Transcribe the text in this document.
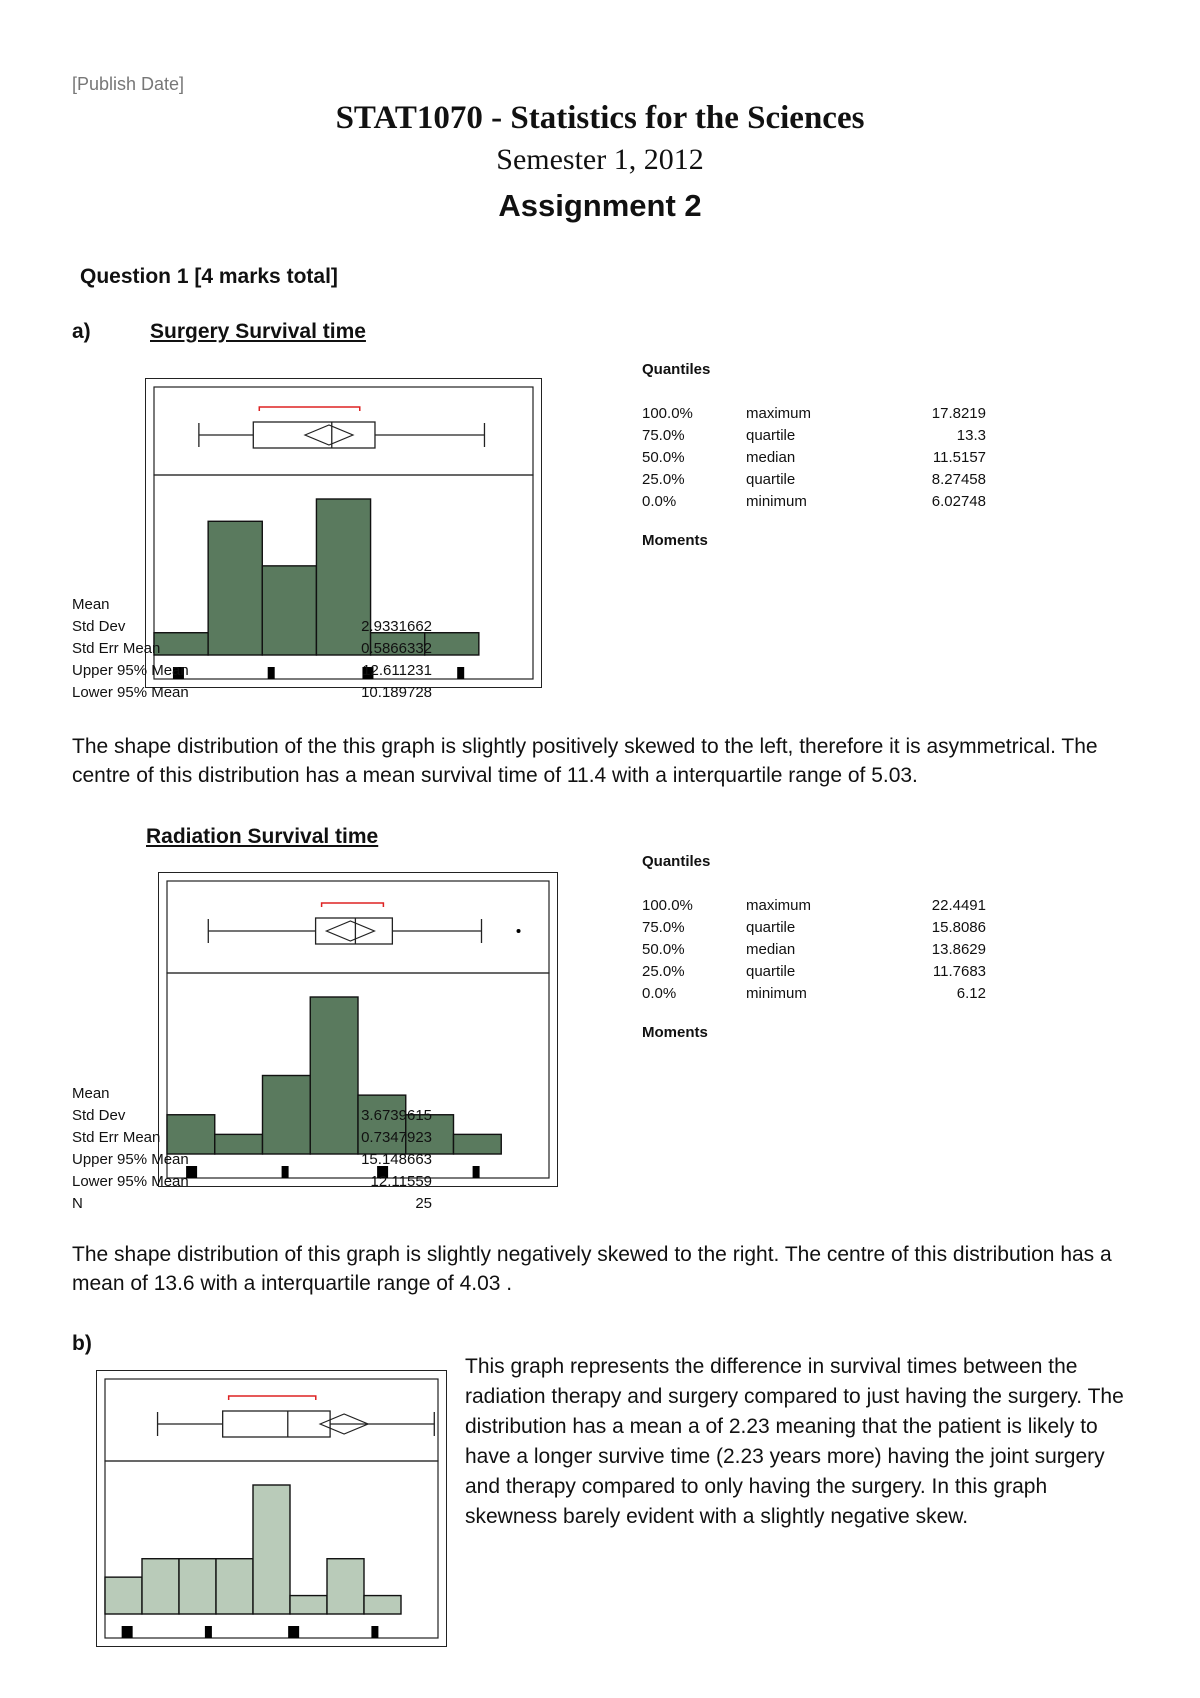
[Publish Date]
STAT1070 - Statistics for the Sciences
Semester 1, 2012
Assignment 2
Question 1 [4 marks total]
a)	Surgery Survival time
Mean
Std Dev	2.9331662
Std Err Mean	0.5866332
Upper 95% Mean	12.611231
Lower 95% Mean	10.189728
Quantiles
100.0%	maximum	17.8219
75.0%	quartile	13.3
50.0%	median	11.5157
25.0%	quartile	8.27458
0.0%	minimum	6.02748
Moments
The shape distribution of the this graph is slightly positively skewed to the left, therefore it is asymmetrical. The centre of this distribution has a mean survival time of 11.4 with a interquartile range of 5.03.
Radiation Survival time
Mean
Std Dev	3.6739615
Std Err Mean	0.7347923
Upper 95% Mean	15.148663
Lower 95% Mean	12.11559
N	25
Quantiles
100.0%	maximum	22.4491
75.0%	quartile	15.8086
50.0%	median	13.8629
25.0%	quartile	11.7683
0.0%	minimum	6.12
Moments
The shape distribution of this graph is slightly negatively skewed to the right. The centre of this distribution has a mean of 13.6 with a interquartile range of 4.03 .
b)
This graph represents the difference in survival times between the radiation therapy and surgery compared to just having the surgery. The distribution has a mean a of 2.23 meaning that the patient is likely to have a longer survive time (2.23 years more) having the joint surgery and therapy compared to only having the surgery. In this graph skewness barely evident with a slightly negative skew.
